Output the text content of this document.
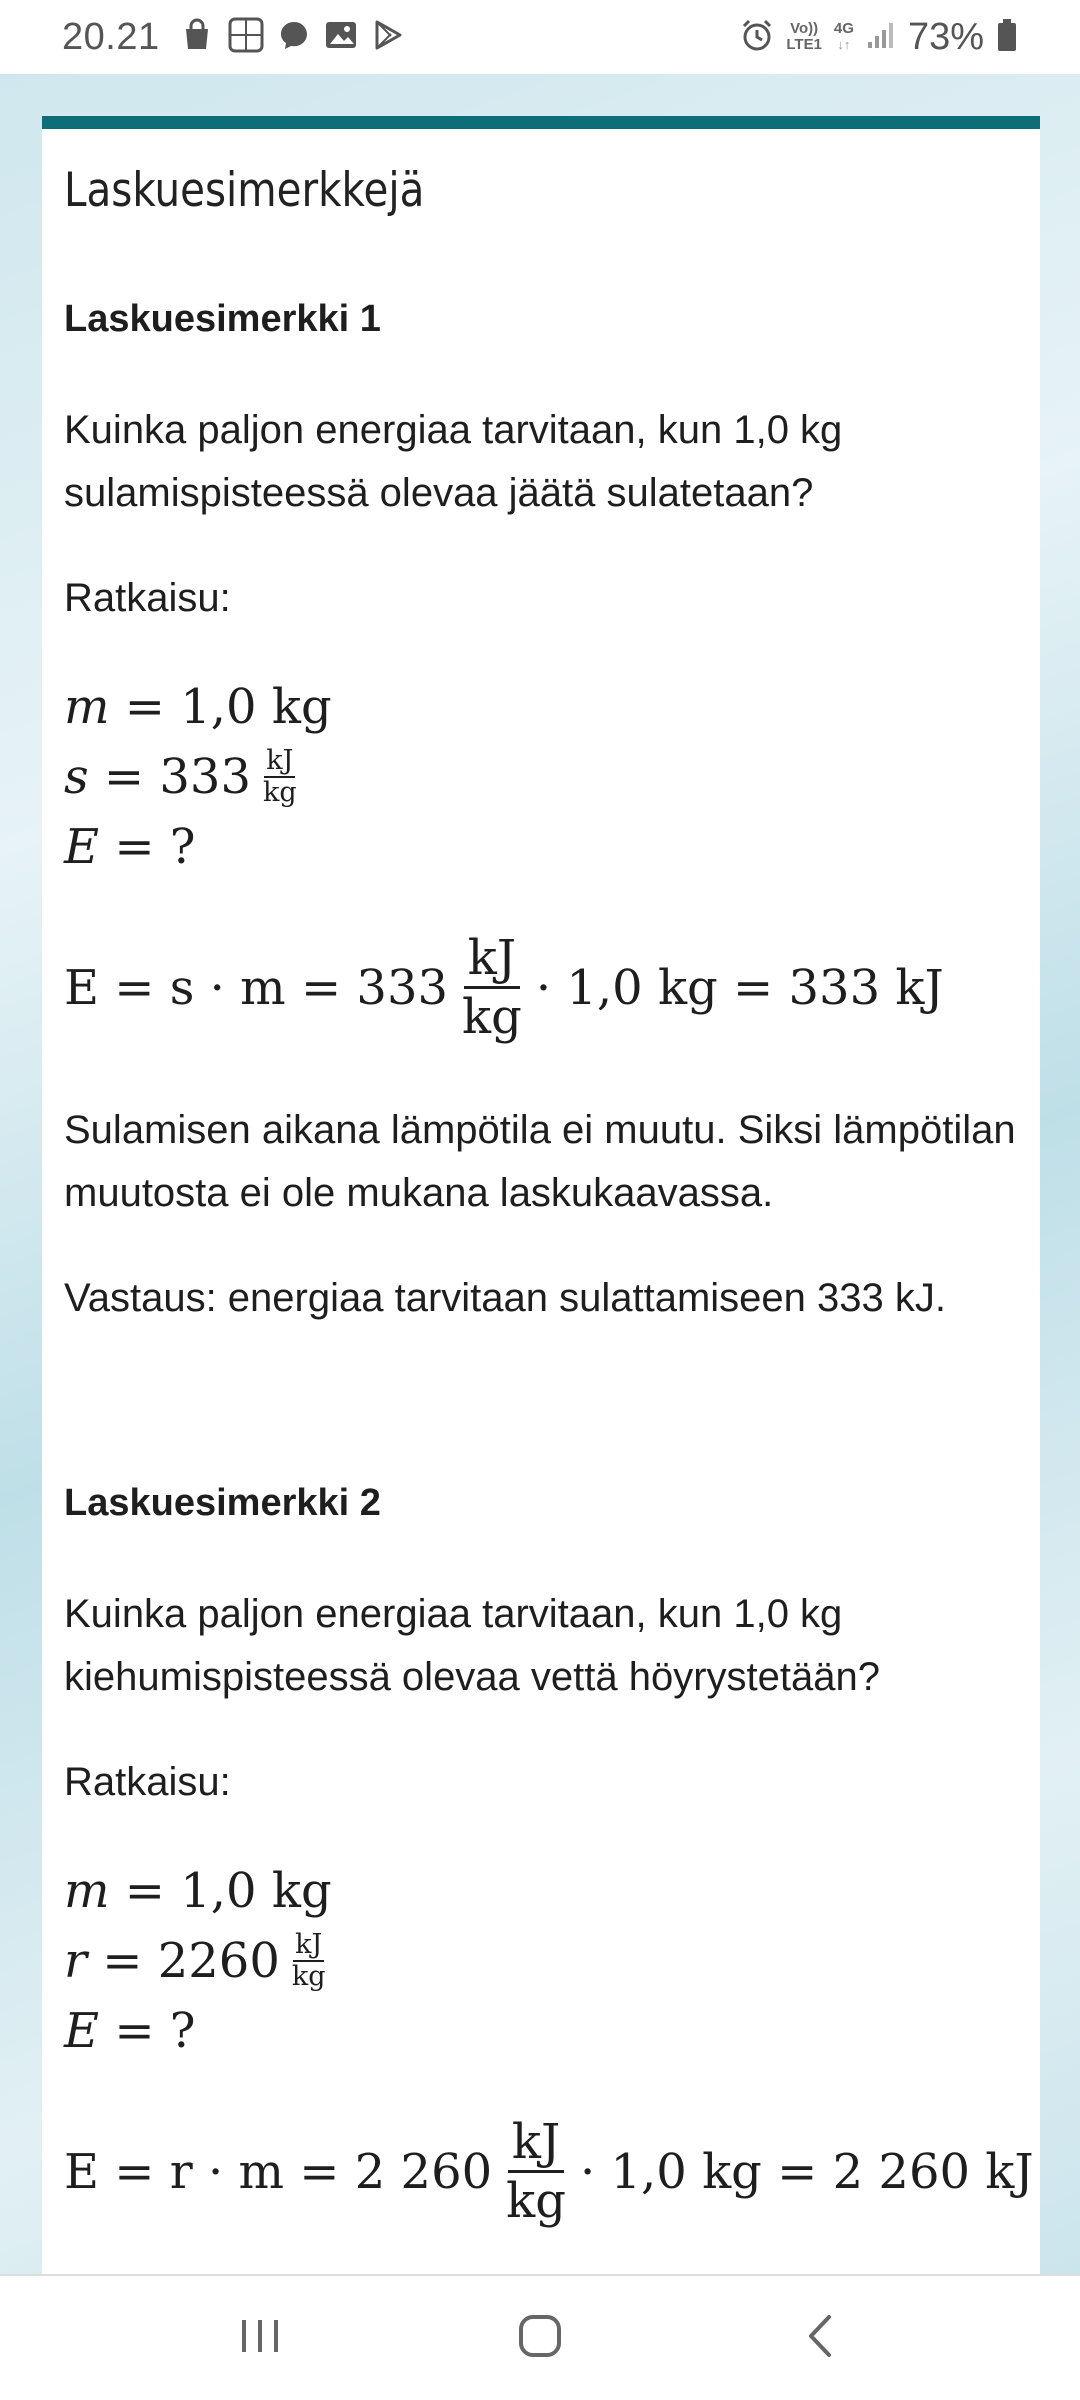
20.21	Vo))
LTE1
4G
↓↑ 73%
Laskuesimerkkejä
Laskuesimerkki 1

Kuinka paljon energiaa tarvitaan, kun 1,0 kg sulamispisteessä olevaa jäätä sulatetaan?

Ratkaisu:

m
= 1,0 kg
s
= $333 \frac{kJ}{kg}$
E
= ?
$E = s \cdot m = 333 \frac{kJ}{kg} \cdot 1,0$ kg = 333 kJ

Sulamisen aikana lämpötila ei muutu. Siksi lämpötilan muutosta ei ole mukana laskukaavassa.

Vastaus: energiaa tarvitaan sulattamiseen 333 kJ.

Laskuesimerkki 2

Kuinka paljon energiaa tarvitaan, kun 1,0 kg kiehumispisteessä olevaa vettä höyrystetään?

Ratkaisu:

m
= 1,0 kg
r
= $2260 \frac{kJ}{kg}$
E
= ?
E = r · m = 2 $260 \frac{kJ}{kg} \cdot 1,0$ kg = 2 260 kJ
